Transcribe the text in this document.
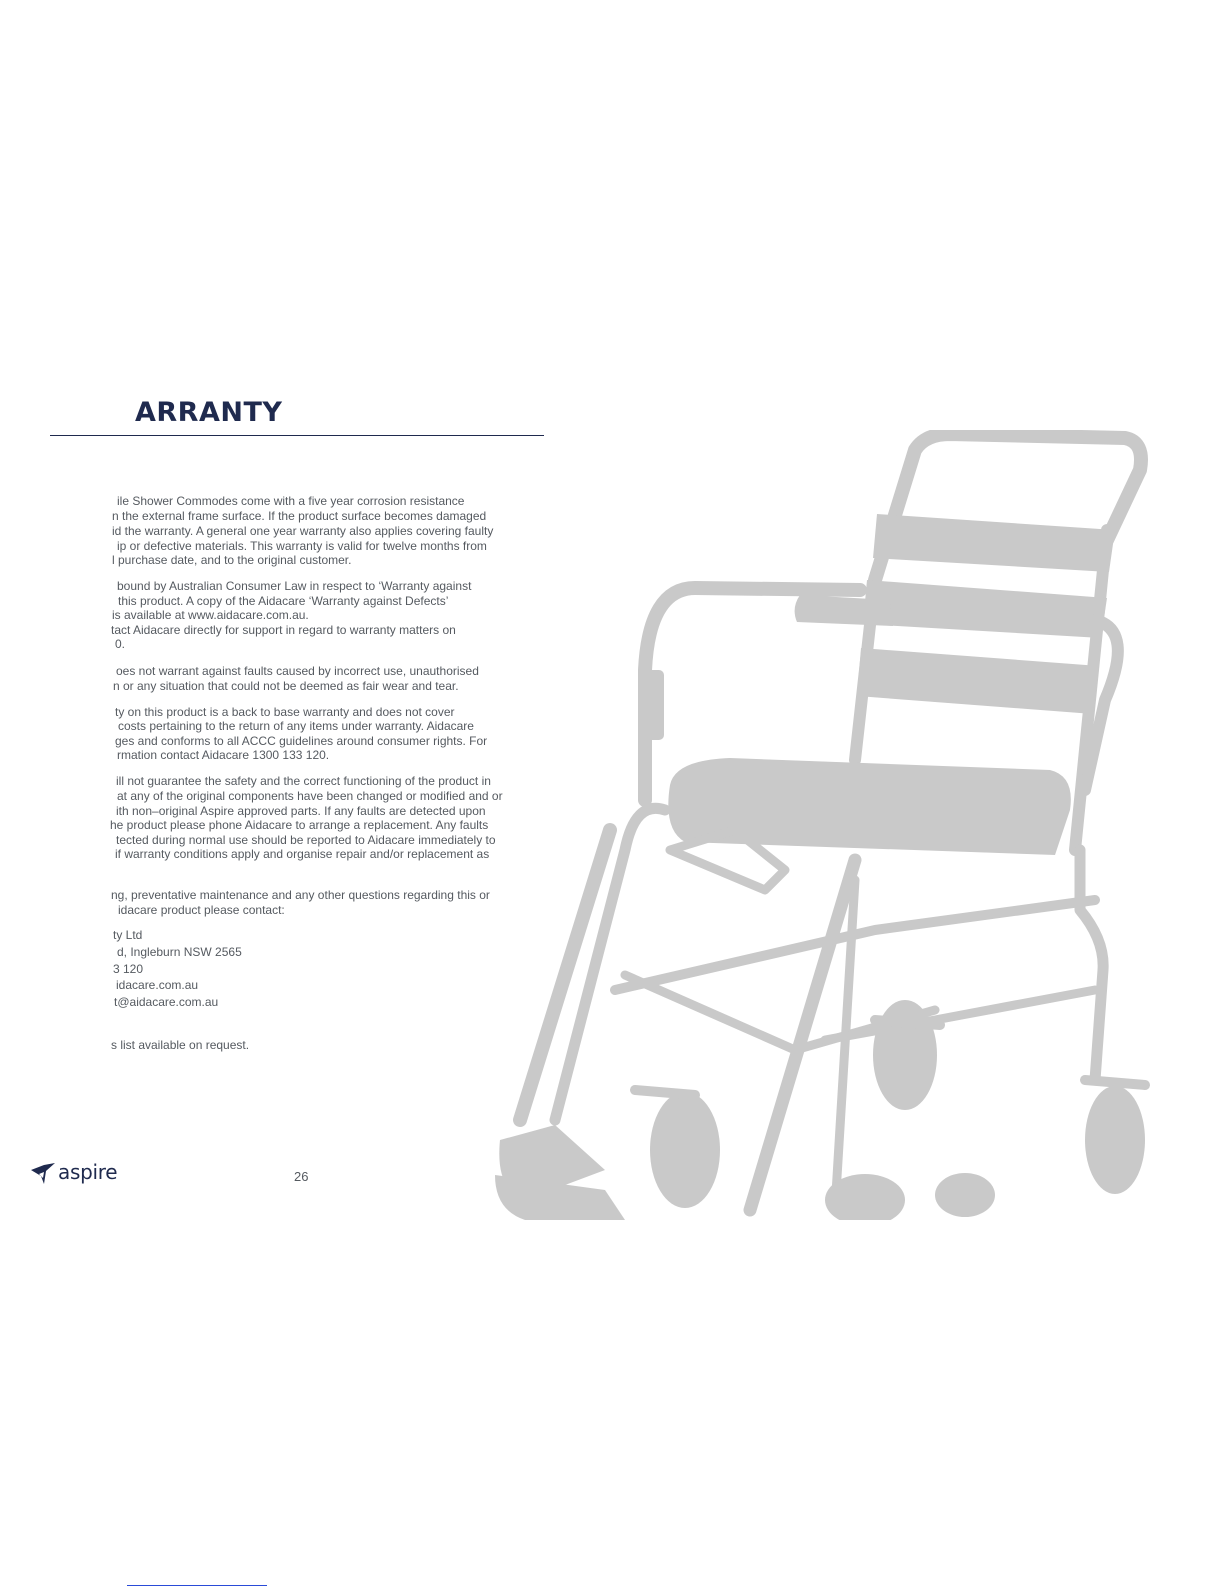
ARRANTY
ile Shower Commodes come with a five year corrosion resistance
n the external frame surface. If the product surface becomes damaged
id the warranty. A general one year warranty also applies covering faulty
ip or defective materials. This warranty is valid for twelve months from
l purchase date, and to the original customer.
bound by Australian Consumer Law in respect to ‘Warranty against
this product. A copy of the Aidacare ‘Warranty against Defects’
is available at www.aidacare.com.au.
tact Aidacare directly for support in regard to warranty matters on
0.
oes not warrant against faults caused by incorrect use, unauthorised
n or any situation that could not be deemed as fair wear and tear.
ty on this product is a back to base warranty and does not cover
costs pertaining to the return of any items under warranty. Aidacare
ges and conforms to all ACCC guidelines around consumer rights. For
rmation contact Aidacare 1300 133 120.
ill not guarantee the safety and the correct functioning of the product in
at any of the original components have been changed or modified and or
ith non–original Aspire approved parts. If any faults are detected upon
he product please phone Aidacare to arrange a replacement. Any faults
tected during normal use should be reported to Aidacare immediately to
if warranty conditions apply and organise repair and/or replacement as
ng, preventative maintenance and any other questions regarding this or
idacare product please contact:
ty Ltd
d, Ingleburn NSW 2565
3 120
idacare.com.au
t@aidacare.com.au
s list available on request.
aspire	26
